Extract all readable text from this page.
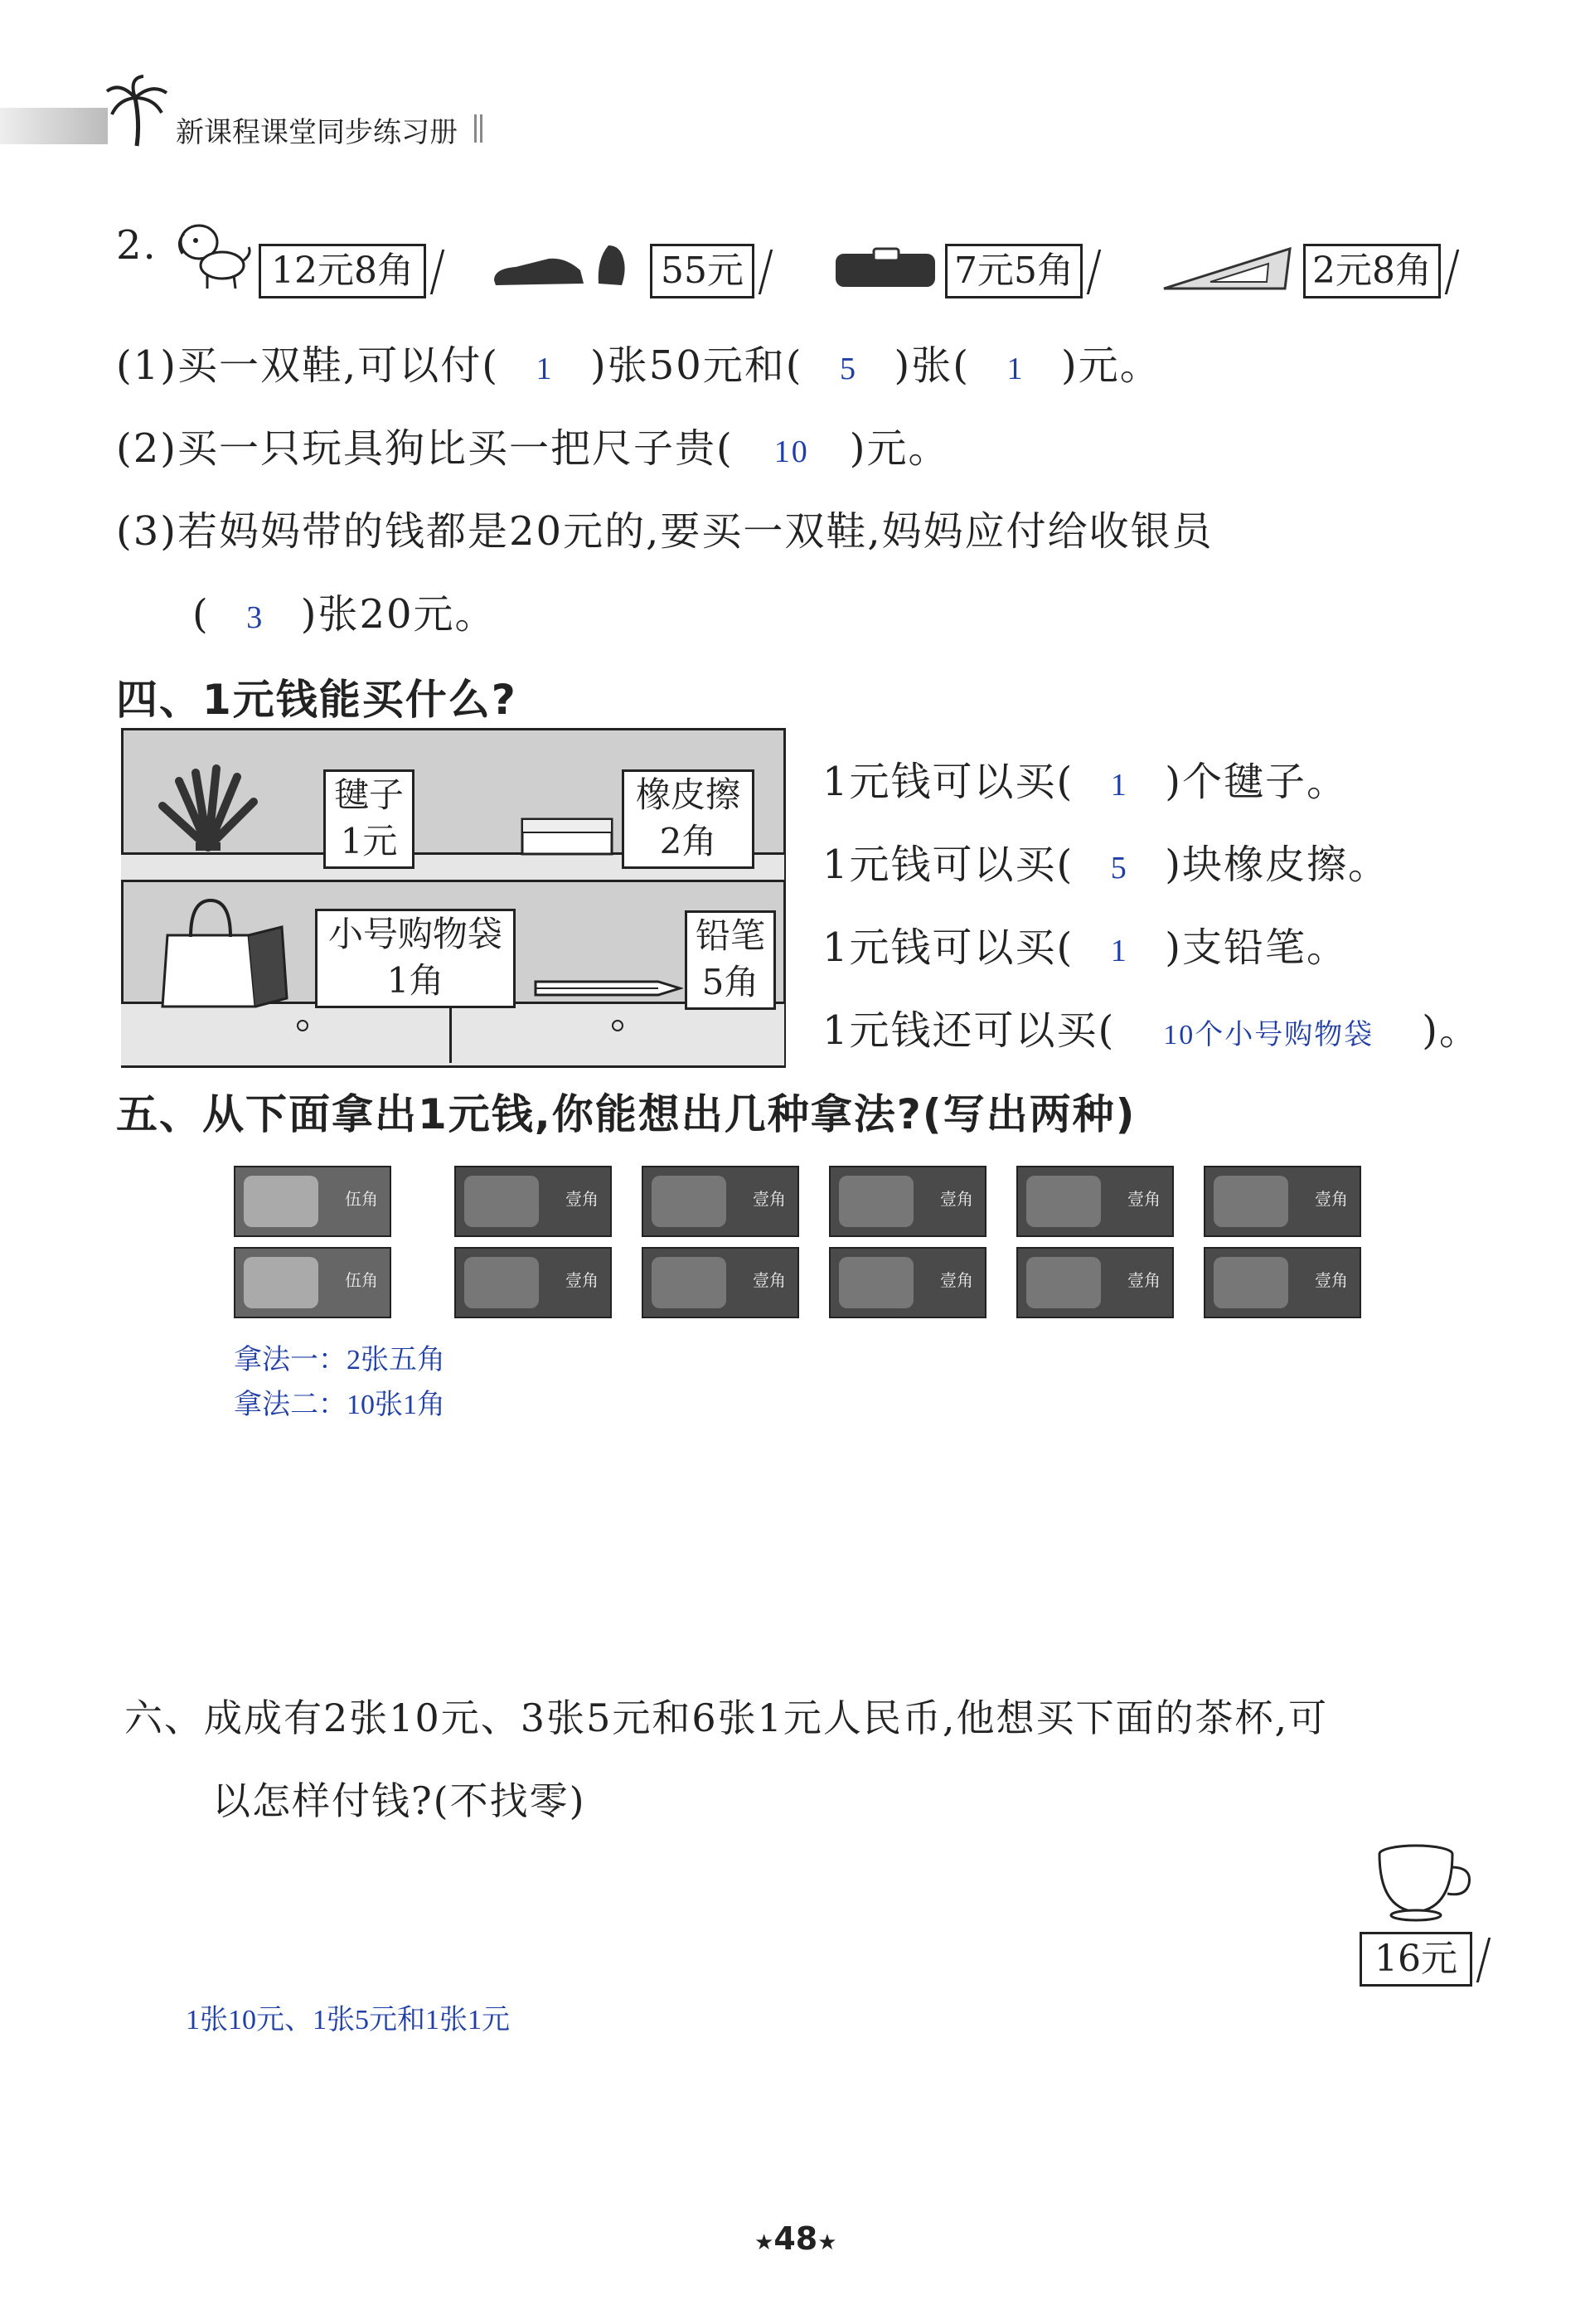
新课程课堂同步练习册
2.
12元8角	55元	7元5角	2元8角
(1)买一双鞋,可以付( 1 )张50元和( 5 )张( 1 )元。
(2)买一只玩具狗比买一把尺子贵( 10 )元。
(3)若妈妈带的钱都是20元的,要买一双鞋,妈妈应付给收银员
( 3 )张20元。
四、1元钱能买什么?
毽子
1元
橡皮擦
2角
小号购物袋
1角
铅笔
5角
1元钱可以买( 1 )个毽子。
1元钱可以买( 5 )块橡皮擦。
1元钱可以买( 1 )支铅笔。
1元钱还可以买( 10个小号购物袋 )。
五、从下面拿出1元钱,你能想出几种拿法?(写出两种)
伍角	壹角	壹角	壹角	壹角	壹角
伍角	壹角	壹角	壹角	壹角	壹角
拿法一：2张五角
拿法二：10张1角
六、成成有2张10元、3张5元和6张1元人民币,他想买下面的茶杯,可
以怎样付钱?(不找零)
16元
1张10元、1张5元和1张1元
★48★
